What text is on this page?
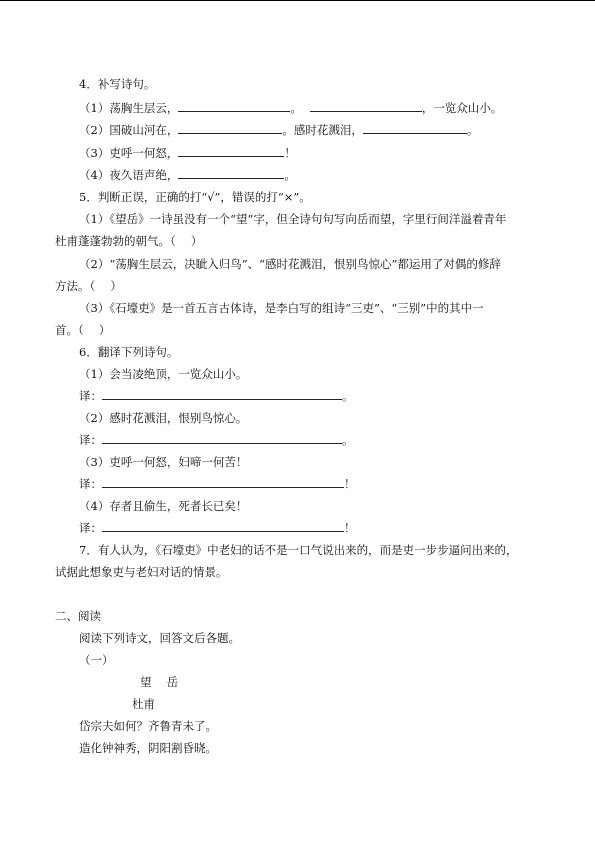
4．补写诗句。
（1）荡胸生层云，	。	，一览众山小。
（2）国破山河在，	。感时花溅泪，	。
（3）吏呼一何怒，	！
（4）夜久语声绝，	。
5．判断正误，正确的打“√”，错误的打“×”。
（1）《望岳》一诗虽没有一个“望”字，但全诗句句写向岳而望，字里行间洋溢着青年
杜甫蓬蓬勃勃的朝气。（　 ）
（2）“荡胸生层云，决眦入归鸟”、“感时花溅泪，恨别鸟惊心”都运用了对偶的修辞
方法。（　 ）
（3）《石壕吏》是一首五言古体诗，是李白写的组诗“三吏”、“三别”中的其中一
首。（　 ）
6．翻译下列诗句。
（1）会当凌绝顶，一览众山小。
译：	。
（2）感时花溅泪，恨别鸟惊心。
译：	。
（3）吏呼一何怒，妇啼一何苦！
译：	！
（4）存者且偷生，死者长已矣！
译：	！
7．有人认为，《石壕吏》中老妇的话不是一口气说出来的，而是吏一步步逼问出来的，
试据此想象吏与老妇对话的情景。
二、阅读
阅读下列诗文，回答文后各题。
（一）
望　 岳
杜甫
岱宗夫如何？齐鲁青未了。
造化钟神秀，阴阳割昏晓。
